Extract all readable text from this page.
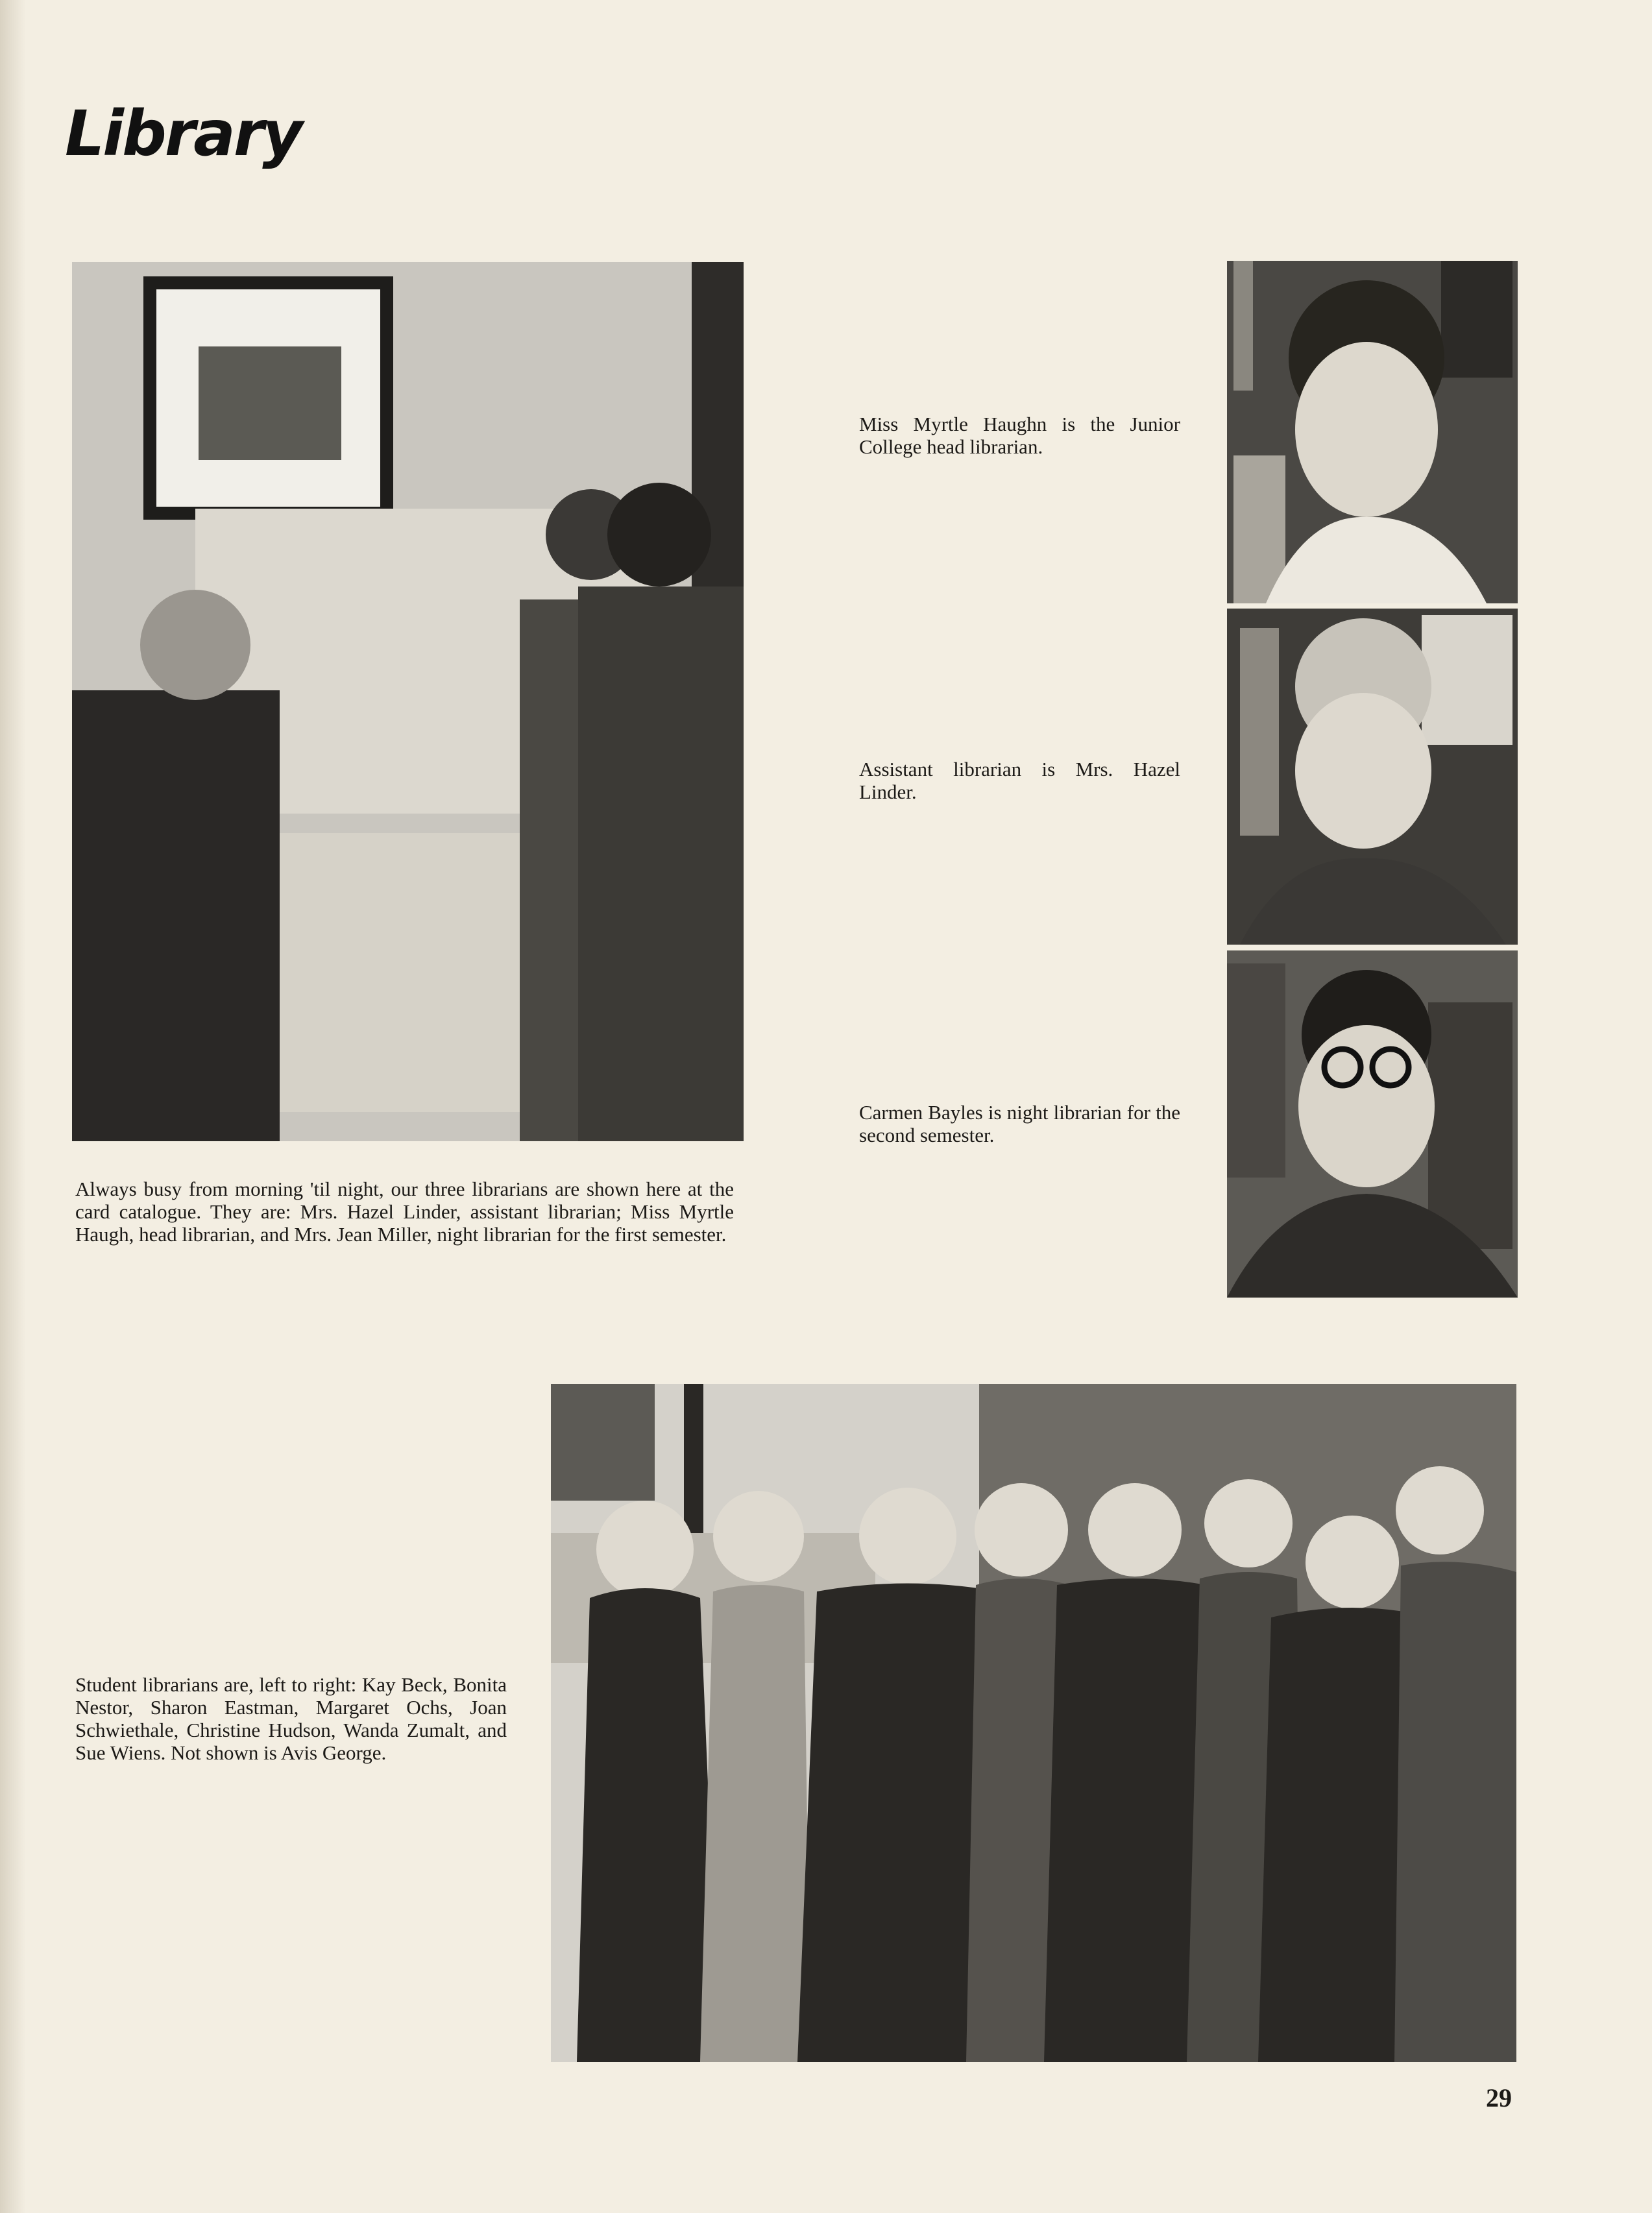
Library
Miss Myrtle Haughn is the Junior College head librarian.
Assistant librarian is Mrs. Hazel Linder.
Carmen Bayles is night librarian for the second semester.
Always busy from morning 'til night, our three librarians are shown here at the card catalogue. They are: Mrs. Hazel Linder, assistant librarian; Miss Myrtle Haugh, head librarian, and Mrs. Jean Miller, night librarian for the first semester.
Student librarians are, left to right: Kay Beck, Bonita Nestor, Sharon Eastman, Margaret Ochs, Joan Schwiethale, Christine Hudson, Wanda Zumalt, and Sue Wiens. Not shown is Avis George.
29
